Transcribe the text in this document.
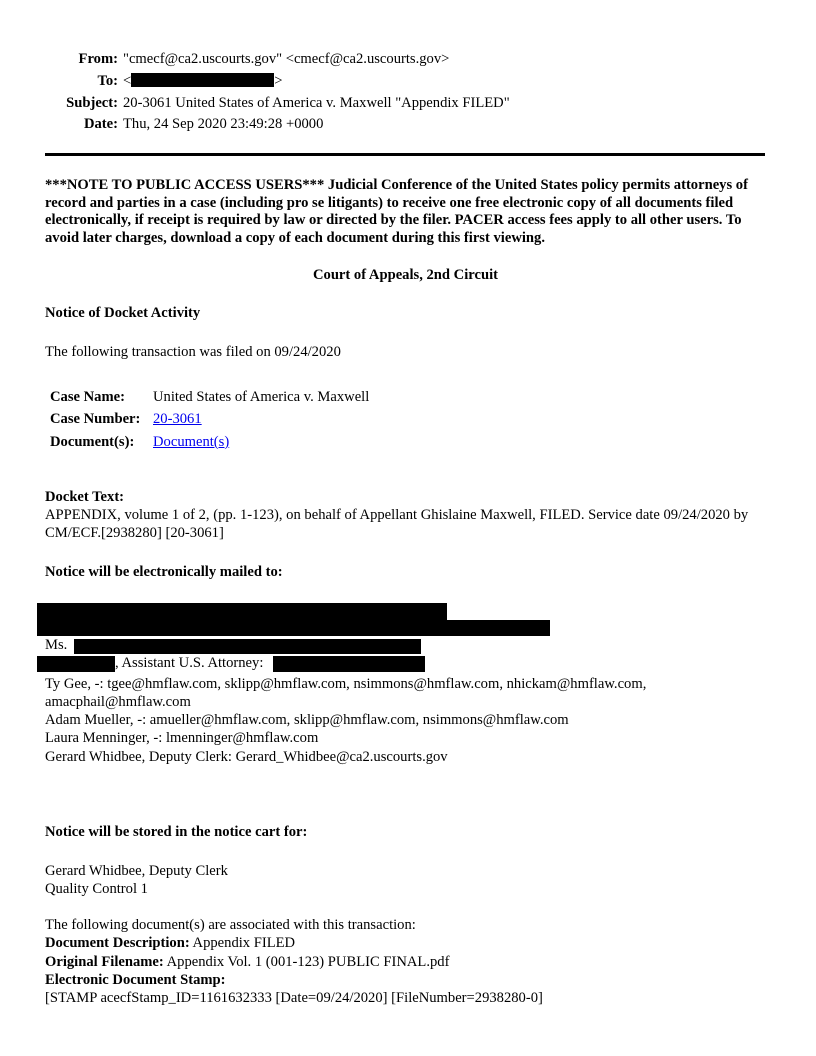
From: "cmecf@ca2.uscourts.gov" <cmecf@ca2.uscourts.gov>
To: <	>
Subject: 20-3061 United States of America v. Maxwell "Appendix FILED"
Date: Thu, 24 Sep 2020 23:49:28 +0000
***NOTE TO PUBLIC ACCESS USERS*** Judicial Conference of the United States policy permits attorneys of record and parties in a case (including pro se litigants) to receive one free electronic copy of all documents filed electronically, if receipt is required by law or directed by the filer. PACER access fees apply to all other users. To avoid later charges, download a copy of each document during this first viewing.
Court of Appeals, 2nd Circuit
Notice of Docket Activity
The following transaction was filed on 09/24/2020
Case Name:	United States of America v. Maxwell
Case Number: 20-3061
Document(s):	Document(s)
Docket Text:
APPENDIX, volume 1 of 2, (pp. 1-123), on behalf of Appellant Ghislaine Maxwell, FILED. Service date 09/24/2020 by CM/ECF.[2938280] [20-3061]
Notice will be electronically mailed to:
Ms.
, Assistant U.S. Attorney:
Ty Gee, -: tgee@hmflaw.com, sklipp@hmflaw.com, nsimmons@hmflaw.com, nhickam@hmflaw.com, amacphail@hmflaw.com
Adam Mueller, -: amueller@hmflaw.com, sklipp@hmflaw.com, nsimmons@hmflaw.com
Laura Menninger, -: lmenninger@hmflaw.com
Gerard Whidbee, Deputy Clerk: Gerard_Whidbee@ca2.uscourts.gov
Notice will be stored in the notice cart for:
Gerard Whidbee, Deputy Clerk
Quality Control 1
The following document(s) are associated with this transaction:
Document Description: Appendix FILED
Original Filename: Appendix Vol. 1 (001-123) PUBLIC FINAL.pdf
Electronic Document Stamp:
[STAMP acecfStamp_ID=1161632333 [Date=09/24/2020] [FileNumber=2938280-0]
